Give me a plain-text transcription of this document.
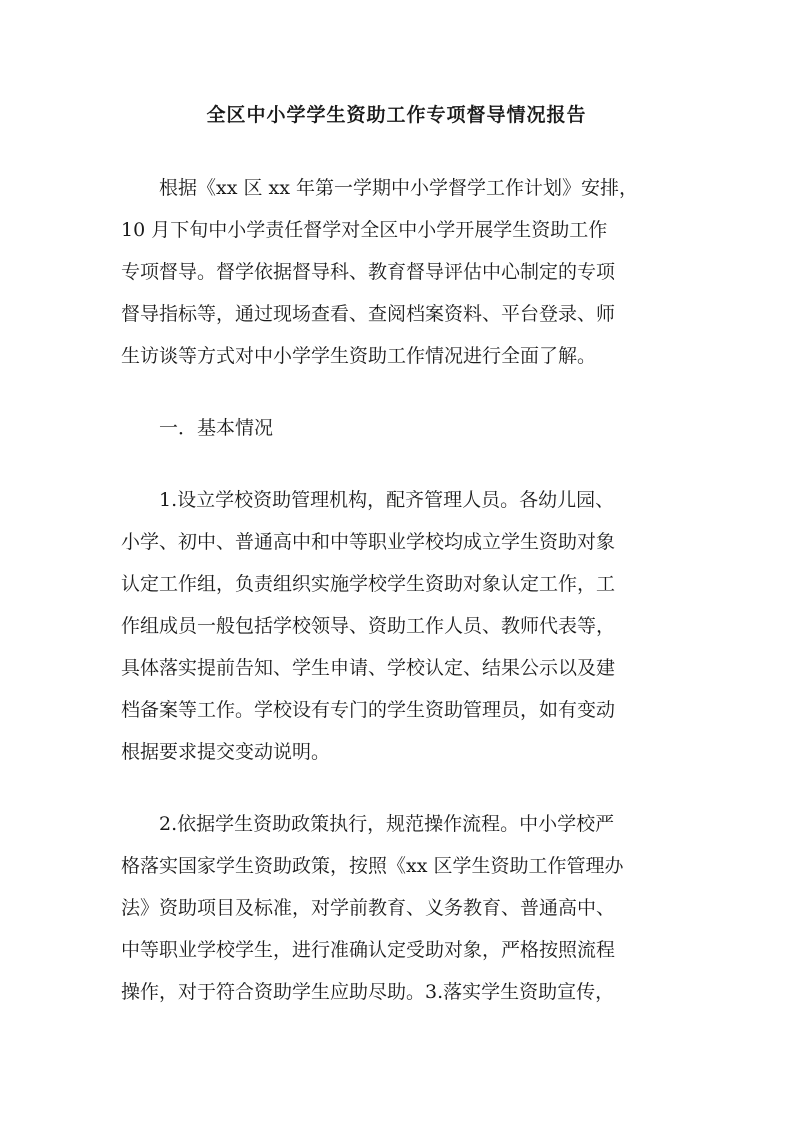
全区中小学学生资助工作专项督导情况报告
　　根据《xx 区 xx 年第一学期中小学督学工作计划》安排，
10 月下旬中小学责任督学对全区中小学开展学生资助工作
专项督导。督学依据督导科、教育督导评估中心制定的专项
督导指标等，通过现场查看、查阅档案资料、平台登录、师
生访谈等方式对中小学学生资助工作情况进行全面了解。
　　一．基本情况
　　1.设立学校资助管理机构，配齐管理人员。各幼儿园、
小学、初中、普通高中和中等职业学校均成立学生资助对象
认定工作组，负责组织实施学校学生资助对象认定工作，工
作组成员一般包括学校领导、资助工作人员、教师代表等，
具体落实提前告知、学生申请、学校认定、结果公示以及建
档备案等工作。学校设有专门的学生资助管理员，如有变动
根据要求提交变动说明。
　　2.依据学生资助政策执行，规范操作流程。中小学校严
格落实国家学生资助政策，按照《xx 区学生资助工作管理办
法》资助项目及标准，对学前教育、义务教育、普通高中、
中等职业学校学生，进行准确认定受助对象，严格按照流程
操作，对于符合资助学生应助尽助。3.落实学生资助宣传，
